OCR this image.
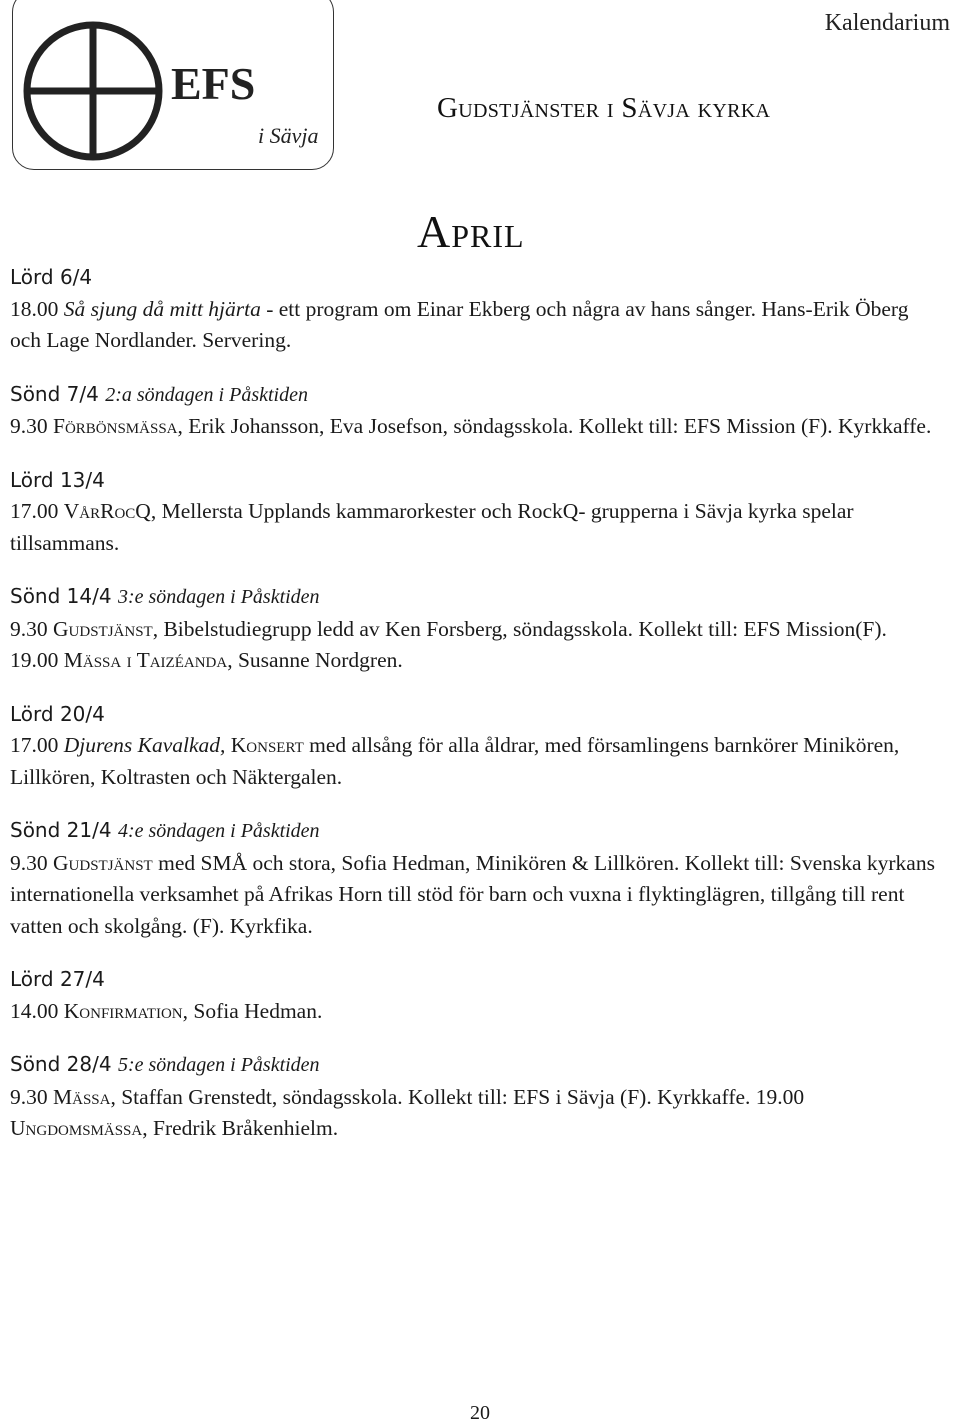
EFS
i Sävja
Kalendarium
Gudstjänster i Sävja kyrka
April
Lörd 6/4
18.00 Så sjung då mitt hjärta - ett program om Einar Ekberg och några av hans sånger. Hans-Erik Öberg och Lage Nordlander. Servering.
Sönd 7/4 2:a söndagen i Påsktiden
9.30 Förbönsmässa, Erik Johansson, Eva Josefson, söndagsskola. Kollekt till: EFS Mission (F). Kyrkkaffe.
Lörd 13/4
17.00 VårRocQ, Mellersta Upplands kammarorkester och RockQ- grupperna i Sävja kyrka spelar tillsammans.
Sönd 14/4 3:e söndagen i Påsktiden
9.30 Gudstjänst, Bibelstudiegrupp ledd av Ken Forsberg, söndagsskola. Kollekt till: EFS Mission(F). 19.00 Mässa i Taizéanda, Susanne Nordgren.
Lörd 20/4
17.00 Djurens Kavalkad, Konsert med allsång för alla åldrar, med församlingens barnkörer Minikören, Lillkören, Koltrasten och Näktergalen.
Sönd 21/4 4:e söndagen i Påsktiden
9.30 Gudstjänst med SMÅ och stora, Sofia Hedman, Minikören & Lillkören. Kollekt till: Svenska kyrkans internationella verksamhet på Afrikas Horn till stöd för barn och vuxna i flyktinglägren, tillgång till rent vatten och skolgång. (F). Kyrkfika.
Lörd 27/4
14.00 Konfirmation, Sofia Hedman.
Sönd 28/4 5:e söndagen i Påsktiden
9.30 Mässa, Staffan Grenstedt, söndagsskola. Kollekt till: EFS i Sävja (F). Kyrkkaffe. 19.00 Ungdomsmässa, Fredrik Bråkenhielm.
20
